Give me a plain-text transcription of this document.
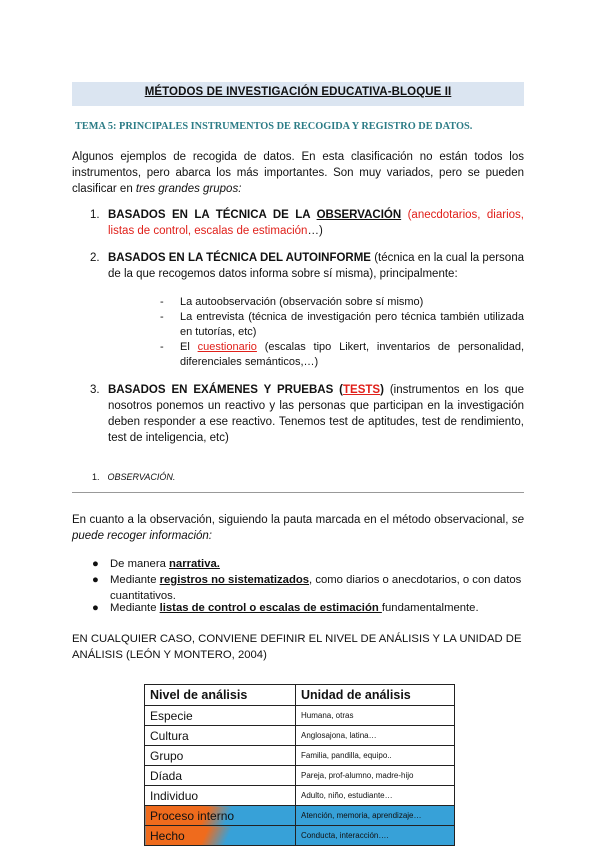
MÉTODOS DE INVESTIGACIÓN EDUCATIVA-BLOQUE II
TEMA 5: PRINCIPALES INSTRUMENTOS DE RECOGIDA Y REGISTRO DE DATOS.
Algunos ejemplos de recogida de datos. En esta clasificación no están todos los instrumentos, pero abarca los más importantes. Son muy variados, pero se pueden clasificar en tres grandes grupos:
1. BASADOS EN LA TÉCNICA DE LA OBSERVACIÓN (anecdotarios, diarios, listas de control, escalas de estimación…)
2. BASADOS EN LA TÉCNICA DEL AUTOINFORME (técnica en la cual la persona de la que recogemos datos informa sobre sí misma), principalmente:
- La autoobservación (observación sobre sí mismo)
- La entrevista (técnica de investigación pero técnica también utilizada en tutorías, etc)
- El cuestionario (escalas tipo Likert, inventarios de personalidad, diferenciales semánticos,…)
3. BASADOS EN EXÁMENES Y PRUEBAS (TESTS) (instrumentos en los que nosotros ponemos un reactivo y las personas que participan en la investigación deben responder a ese reactivo. Tenemos test de aptitudes, test de rendimiento, test de inteligencia, etc)
1. OBSERVACIÓN.
En cuanto a la observación, siguiendo la pauta marcada en el método observacional, se puede recoger información:
● De manera narrativa.
● Mediante registros no sistematizados, como diarios o anecdotarios, o con datos cuantitativos.
● Mediante listas de control o escalas de estimación fundamentalmente.
EN CUALQUIER CASO, CONVIENE DEFINIR EL NIVEL DE ANÁLISIS Y LA UNIDAD DE ANÁLISIS (LEÓN Y MONTERO, 2004)
Nivel de análisis	Unidad de análisis
Especie	Humana, otras
Cultura	Anglosajona, latina…
Grupo	Familia, pandilla, equipo..
Díada	Pareja, prof-alumno, madre-hijo
Individuo	Adulto, niño, estudiante…
Proceso interno	Atención, memoria, aprendizaje…
Hecho	Conducta, interacción….
